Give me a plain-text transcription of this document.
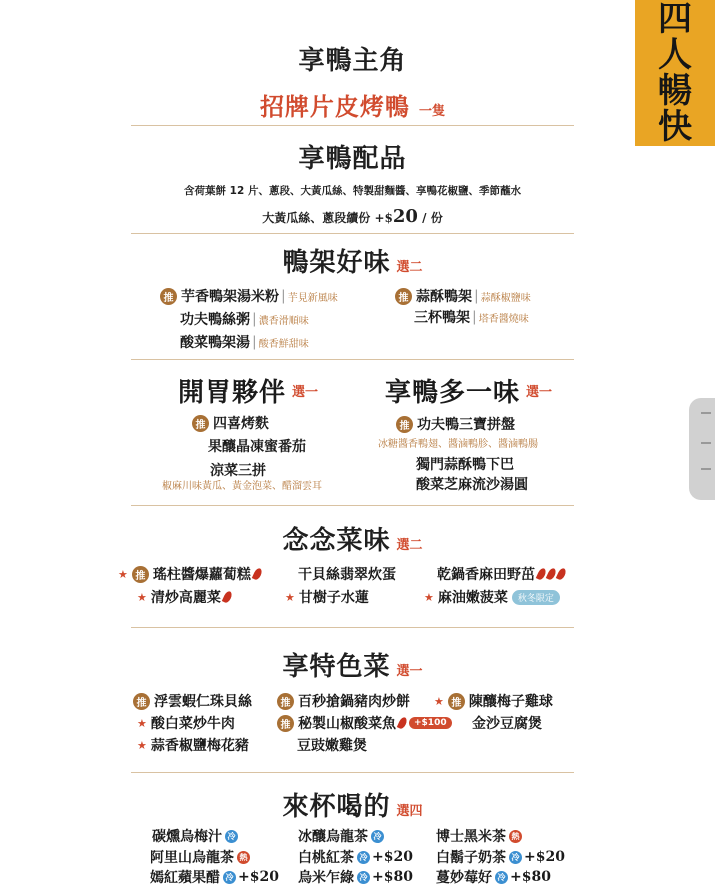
四
人
暢
快
享鴨主角
招牌片皮烤鴨 一隻
享鴨配品
含荷葉餅 12 片、蔥段、大黃瓜絲、特製甜麵醬、享鴨花椒鹽、季節蘸水
大黃瓜絲、蔥段續份 +$20 / 份
鴨架好味 選二
推 芋香鴨架湯米粉 | 芋見新風味
功夫鴨絲粥 | 濃香滑順味
酸菜鴨架湯 | 酸香鮮甜味
推 蒜酥鴨架 | 蒜酥椒鹽味
三杯鴨架 | 塔香醬燒味
開胃夥伴 選一
推 四喜烤麩
果釀晶凍蜜番茄
涼菜三拼
椒麻川味黃瓜、黃金泡菜、醋溜雲耳
享鴨多一味 選一
推 功夫鴨三寶拼盤
冰糖醬香鴨翅、醬滷鴨胗、醬滷鴨腸
獨門蒜酥鴨下巴
酸菜芝麻流沙湯圓
念念菜味 選二
★ 推 瑤柱醬爆蘿蔔糕
★ 清炒高麗菜
干貝絲翡翠炊蛋
★ 甘樹子水蓮
乾鍋香麻田野茁
★ 麻油嫩菠菜	秋冬限定
享特色菜 選一
推 浮雲蝦仁珠貝絲
★ 酸白菜炒牛肉
★ 蒜香椒鹽梅花豬
推 百秒搶鍋豬肉炒餅
推 秘製山椒酸菜魚	+$100
豆豉嫩雞煲
★ 推 陳釀梅子雞球
金沙豆腐煲
來杯喝的 選四
碳燻烏梅汁 冷
阿里山烏龍茶 熱
嫣紅蘋果醋 冷 +$20
冰釀烏龍茶 冷
白桃紅茶 冷 +$20
烏米乍綠 冷 +$80
博士黑米茶 熱
白鬍子奶茶 冷 +$20
蔓妙莓好 冷 +$80
